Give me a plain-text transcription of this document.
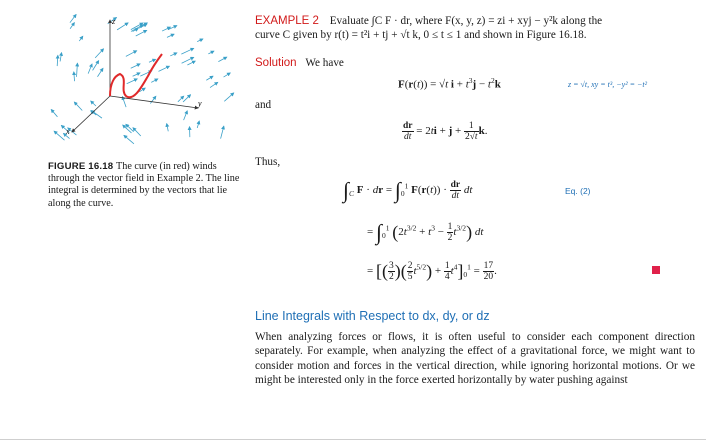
z
y
x
FIGURE 16.18 The curve (in red) winds through the vector field in Example 2. The line integral is determined by the vectors that lie along the curve.
EXAMPLE 2 Evaluate ∫C F · dr, where F(x, y, z) = zi + xyj − y²k along the
curve C given by r(t) = t²i + tj + √t k, 0 ≤ t ≤ 1 and shown in Figure 16.18.
Solution We have
F(r(t)) = √t $i + t^3j - t^2k$	z = √t, xy = t³, −y² = −t²
and
$\frac{dr}{dt} = 2ti + j + \frac{1}{2√t} k$.
Thus,
$\int_C$ F · dr = $\int_0^1$ $F(r(t)) \cdot \frac{dr}{dt}$ dt	Eq. (2)
= $\int_0^1$ $(2t^{3/2} + t^3 - \frac{1}{2} t^{3/2})$ dt
= [( $\frac{3}{2}$ )( $\frac{2}{5} t^{5/2}) + \frac{1}{4} t^4]_0^1 = \frac{17}{20}$ .
Line Integrals with Respect to dx, dy, or dz
When analyzing forces or flows, it is often useful to consider each component direction separately. For example, when analyzing the effect of a gravitational force, we might want to consider motion and forces in the vertical direction, while ignoring horizontal motions. Or we might be interested only in the force exerted horizontally by water pushing against
